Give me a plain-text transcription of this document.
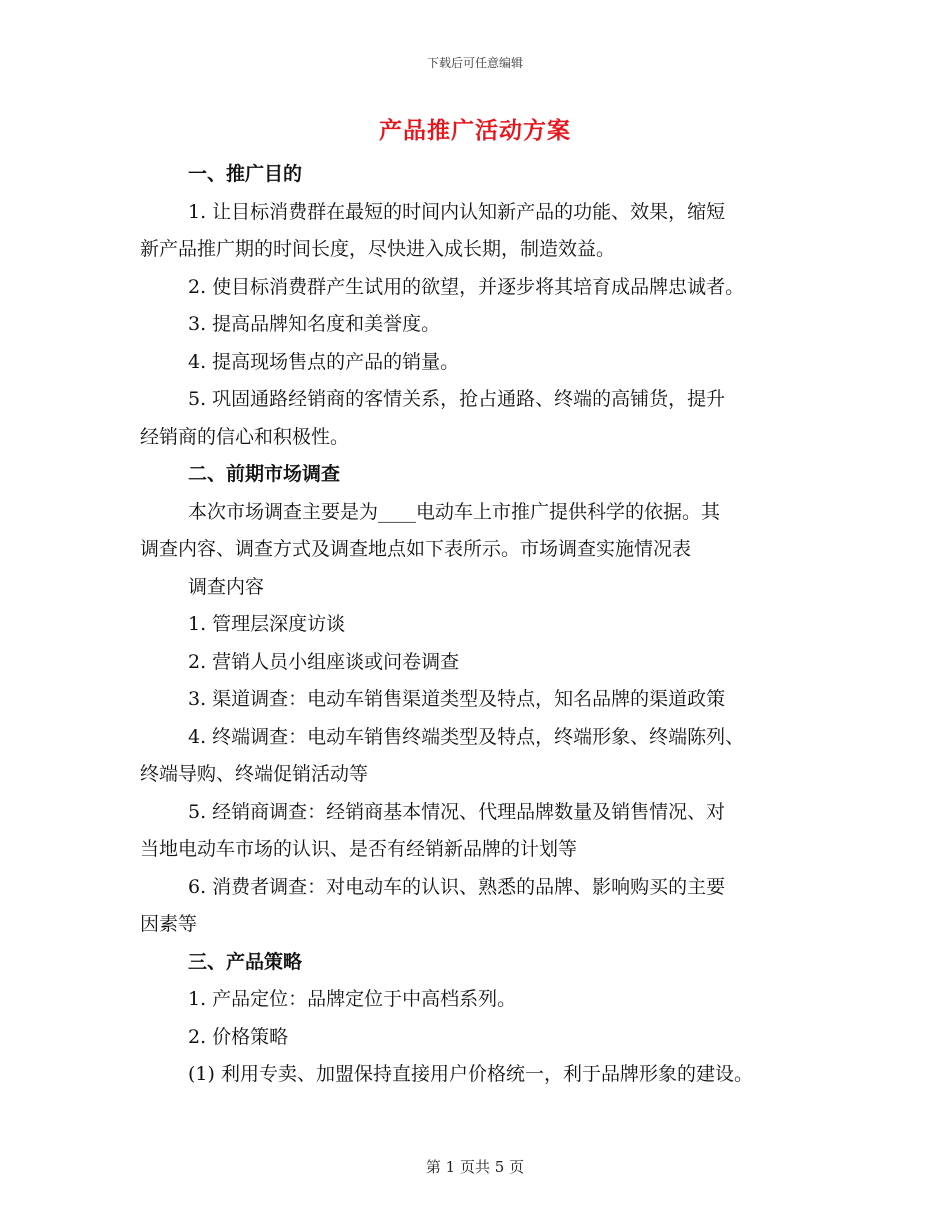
下载后可任意编辑
产品推广活动方案
一、推广目的
1. 让目标消费群在最短的时间内认知新产品的功能、效果，缩短
新产品推广期的时间长度，尽快进入成长期，制造效益。
2. 使目标消费群产生试用的欲望，并逐步将其培育成品牌忠诚者。
3. 提高品牌知名度和美誉度。
4. 提高现场售点的产品的销量。
5. 巩固通路经销商的客情关系，抢占通路、终端的高铺货，提升
经销商的信心和积极性。
二、前期市场调查
本次市场调查主要是为____电动车上市推广提供科学的依据。其
调查内容、调查方式及调查地点如下表所示。市场调查实施情况表
调查内容
1. 管理层深度访谈
2. 营销人员小组座谈或问卷调查
3. 渠道调查：电动车销售渠道类型及特点，知名品牌的渠道政策
4. 终端调查：电动车销售终端类型及特点，终端形象、终端陈列、
终端导购、终端促销活动等
5. 经销商调查：经销商基本情况、代理品牌数量及销售情况、对
当地电动车市场的认识、是否有经销新品牌的计划等
6. 消费者调查：对电动车的认识、熟悉的品牌、影响购买的主要
因素等
三、产品策略
1. 产品定位：品牌定位于中高档系列。
2. 价格策略
(1) 利用专卖、加盟保持直接用户价格统一，利于品牌形象的建设。
第 1 页共 5 页
